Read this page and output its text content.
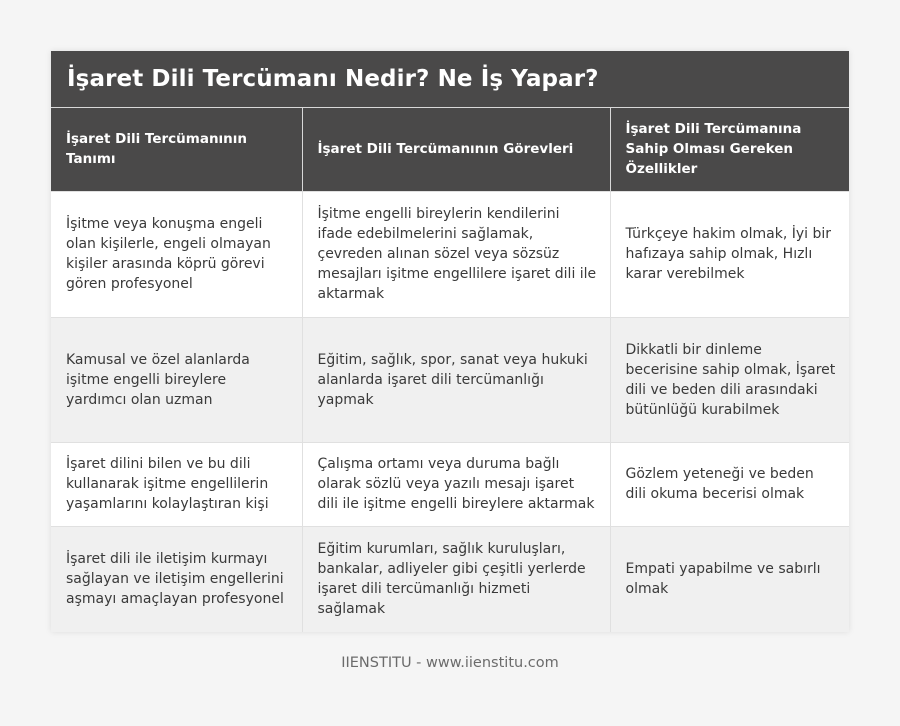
İşaret Dili Tercümanı Nedir? Ne İş Yapar?
İşaret Dili Tercümanının Tanımı	İşaret Dili Tercümanının Görevleri	İşaret Dili Tercümanına Sahip Olması Gereken Özellikler
İşitme veya konuşma engeli olan kişilerle, engeli olmayan kişiler arasında köprü görevi gören profesyonel	İşitme engelli bireylerin kendilerini ifade edebilmelerini sağlamak, çevreden alınan sözel veya sözsüz mesajları işitme engellilere işaret dili ile aktarmak	Türkçeye hakim olmak, İyi bir hafızaya sahip olmak, Hızlı karar verebilmek
Kamusal ve özel alanlarda işitme engelli bireylere yardımcı olan uzman	Eğitim, sağlık, spor, sanat veya hukuki alanlarda işaret dili tercümanlığı yapmak	Dikkatli bir dinleme becerisine sahip olmak, İşaret dili ve beden dili arasındaki bütünlüğü kurabilmek
İşaret dilini bilen ve bu dili kullanarak işitme engellilerin yaşamlarını kolaylaştıran kişi	Çalışma ortamı veya duruma bağlı olarak sözlü veya yazılı mesajı işaret dili ile işitme engelli bireylere aktarmak	Gözlem yeteneği ve beden dili okuma becerisi olmak
İşaret dili ile iletişim kurmayı sağlayan ve iletişim engellerini aşmayı amaçlayan profesyonel	Eğitim kurumları, sağlık kuruluşları, bankalar, adliyeler gibi çeşitli yerlerde işaret dili tercümanlığı hizmeti sağlamak	Empati yapabilme ve sabırlı olmak
IIENSTITU - www.iienstitu.com
